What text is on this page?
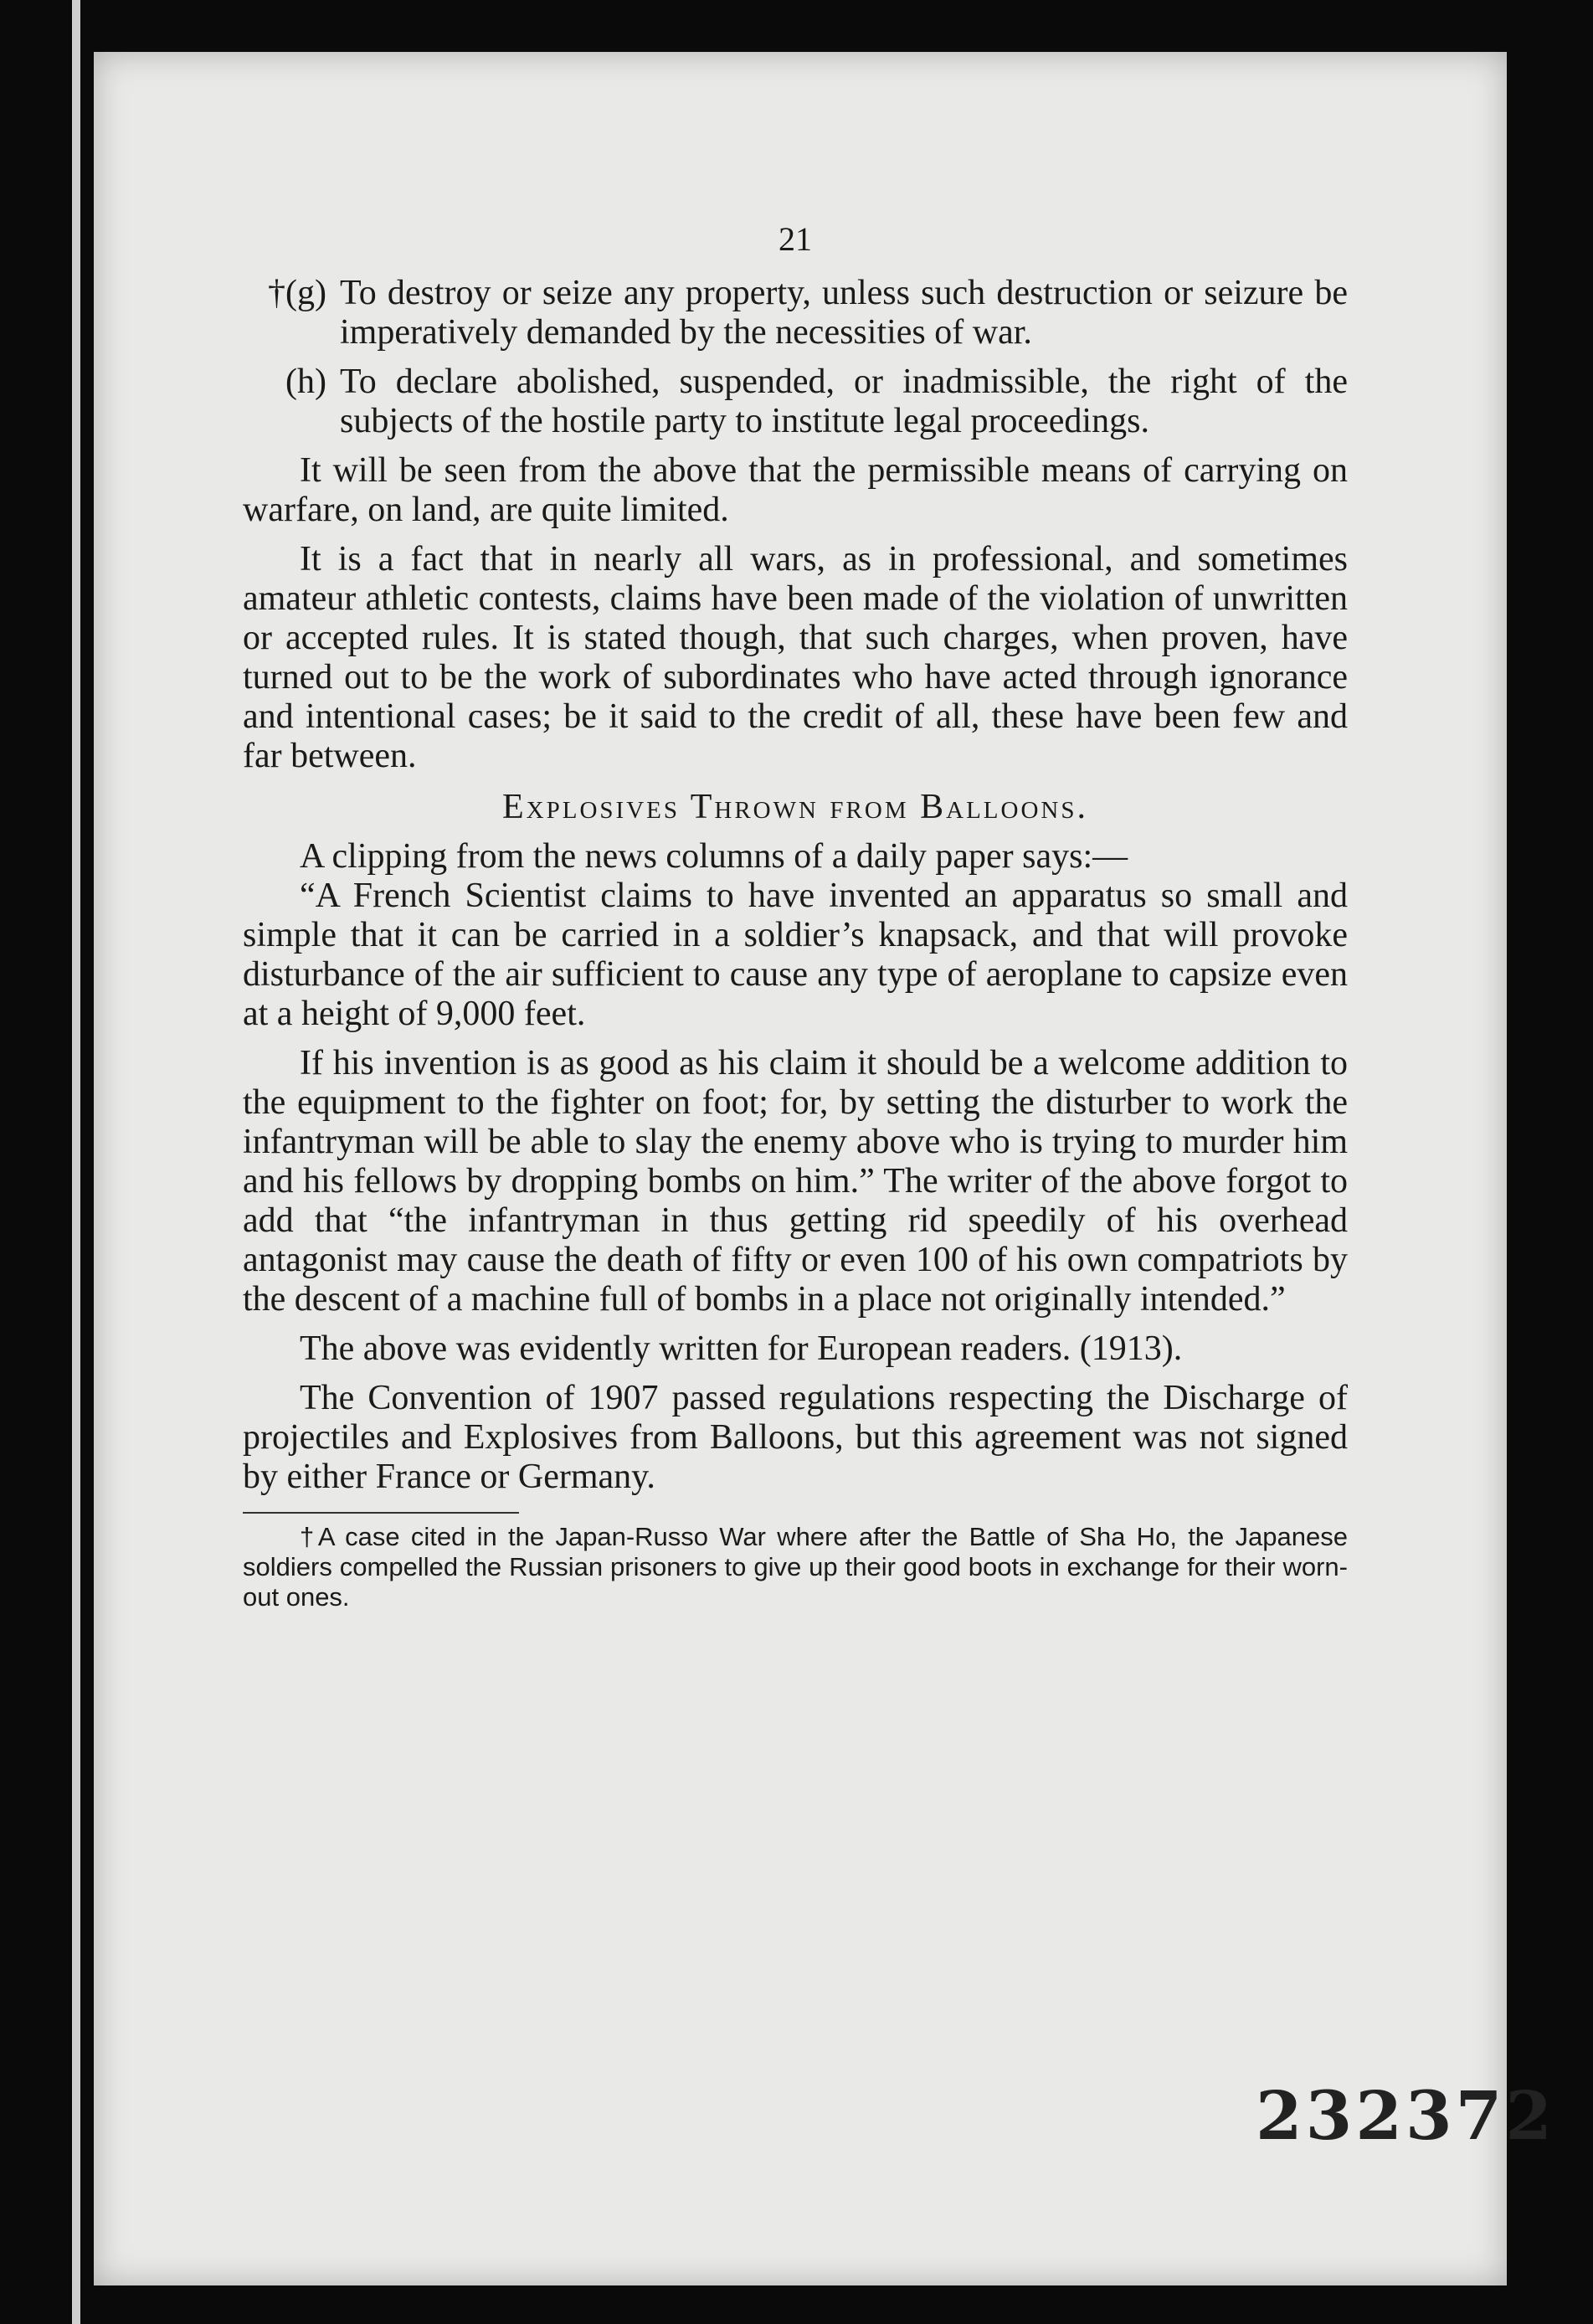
21
†(g) To destroy or seize any property, unless such destruction or seizure be imperatively demanded by the necessities of war.
(h) To declare abolished, suspended, or inadmissible, the right of the subjects of the hostile party to institute legal proceedings.

It will be seen from the above that the permissible means of carrying on warfare, on land, are quite limited.

It is a fact that in nearly all wars, as in professional, and sometimes amateur athletic contests, claims have been made of the violation of unwritten or accepted rules. It is stated though, that such charges, when proven, have turned out to be the work of subordinates who have acted through ignorance and intentional cases; be it said to the credit of all, these have been few and far between.

Explosives Thrown from Balloons.

A clipping from the news columns of a daily paper says:—

“A French Scientist claims to have invented an apparatus so small and simple that it can be carried in a soldier’s knapsack, and that will provoke disturbance of the air sufficient to cause any type of aeroplane to capsize even at a height of 9,000 feet.

If his invention is as good as his claim it should be a welcome addition to the equipment to the fighter on foot; for, by setting the disturber to work the infantryman will be able to slay the enemy above who is trying to murder him and his fellows by dropping bombs on him.” The writer of the above forgot to add that “the infantryman in thus getting rid speedily of his overhead antagonist may cause the death of fifty or even 100 of his own compatriots by the descent of a machine full of bombs in a place not originally intended.”

The above was evidently written for European readers. (1913).

The Convention of 1907 passed regulations respecting the Discharge of projectiles and Explosives from Balloons, but this agreement was not signed by either France or Germany.

†A case cited in the Japan-Russo War where after the Battle of Sha Ho, the Japanese soldiers compelled the Russian prisoners to give up their good boots in exchange for their worn-out ones.

232372
